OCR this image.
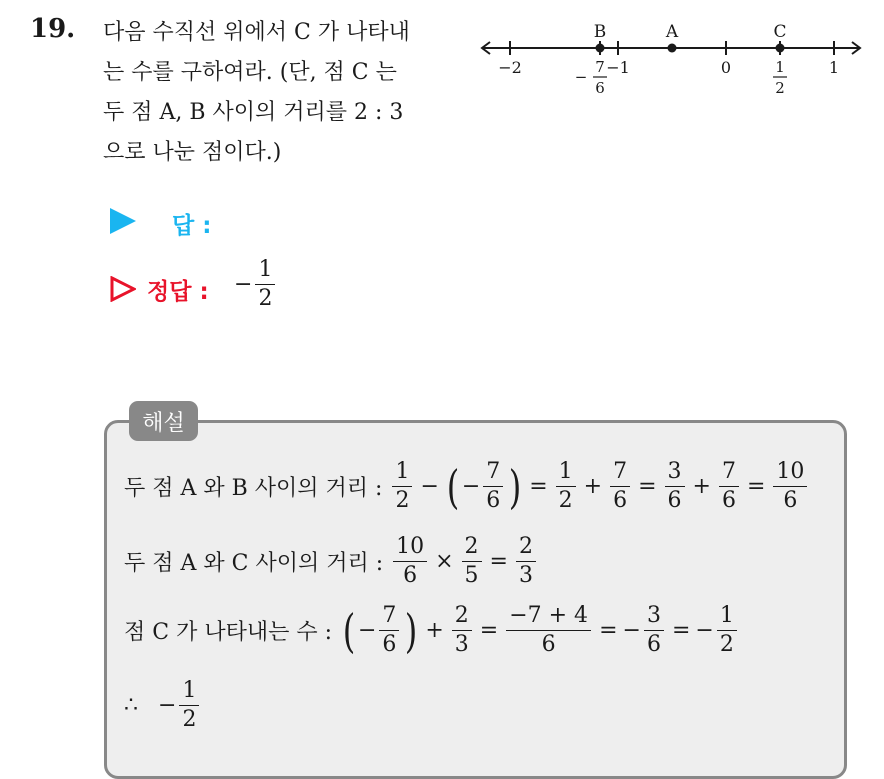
19. 다음 수직선 위에서 C 가 나타내
는 수를 구하여라. (단, 점 C 는
두 점 A, B 사이의 거리를 2 : 3
으로 나눈 점이다.)
−2	−1	0	1
7
6
−
1
2
B	A	C
답 :
정답 : − $\frac{1}{2}$
해설
두 점 A 와 B 사이의 거리 : $\frac{1}{2}$ − ( − $\frac{7}{6}$ ) = $\frac{1}{2} + \frac{7}{6} = \frac{3}{6} + \frac{7}{6} = \frac{10}{6}$
두 점 A 와 C 사이의 거리 : $\frac{10}{6} \times \frac{2}{5} = \frac{2}{3}$
점 C 가 나타내는 수 : ( − $\frac{7}{6}$ ) + $\frac{2}{3} = \frac{-7 + 4}{6}$ = − $\frac{3}{6}$ = − $\frac{1}{2}$
∴ − $\frac{1}{2}$
